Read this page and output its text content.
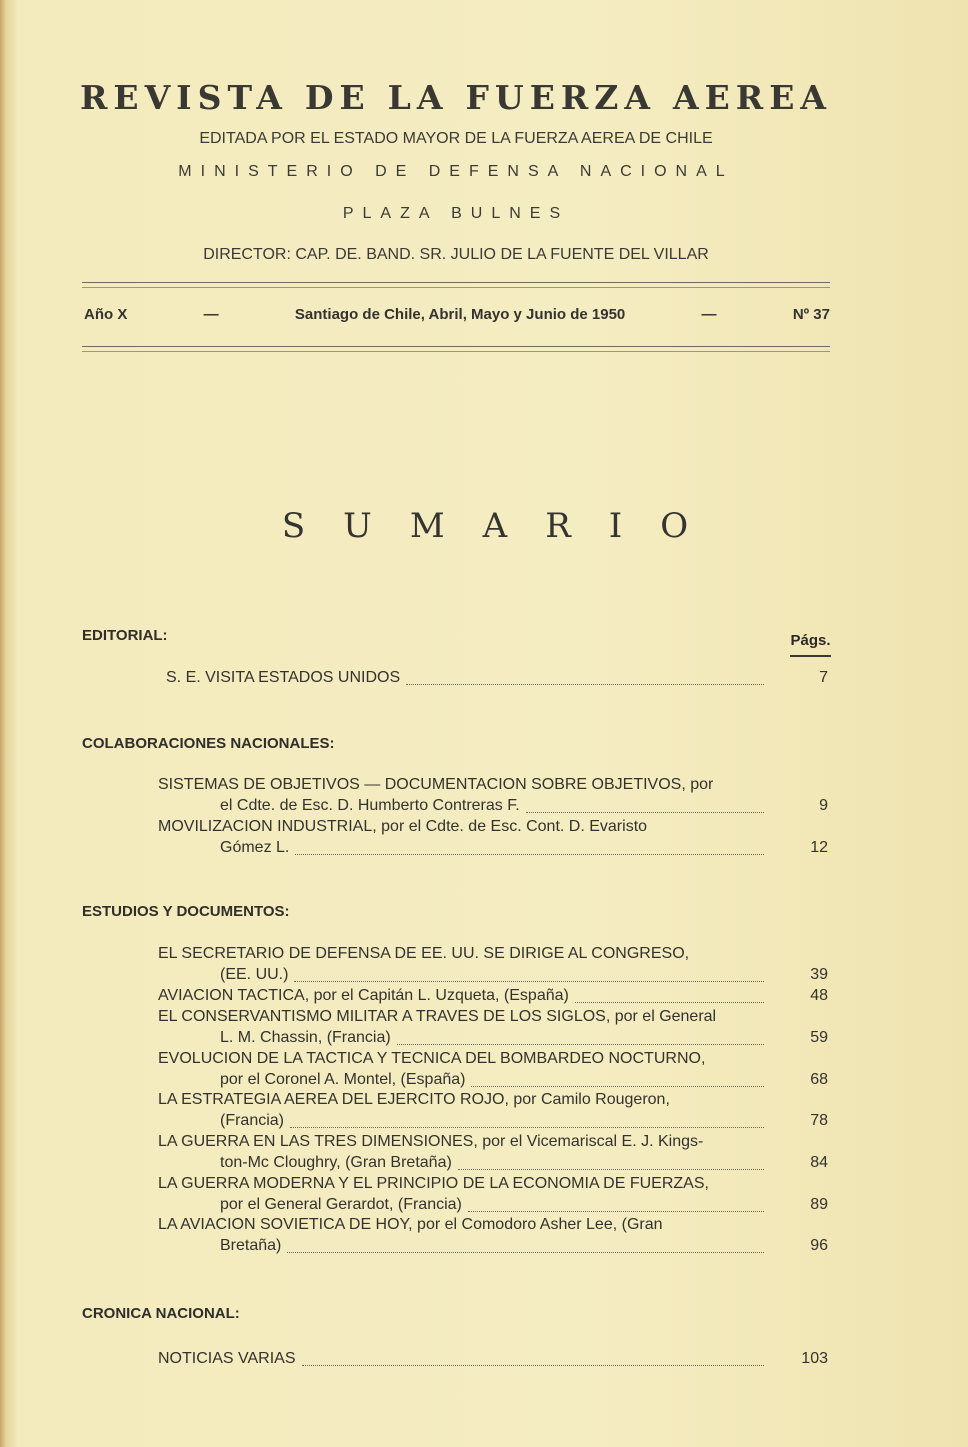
REVISTA DE LA FUERZA AEREA
EDITADA POR EL ESTADO MAYOR DE LA FUERZA AEREA DE CHILE
MINISTERIO DE DEFENSA NACIONAL
PLAZA BULNES
DIRECTOR: CAP. DE. BAND. SR. JULIO DE LA FUENTE DEL VILLAR
Año X	—	Santiago de Chile, Abril, Mayo y Junio de 1950	—	Nº 37
SUMARIO
EDITORIAL:	Págs.
S. E. VISITA ESTADOS UNIDOS	7
COLABORACIONES NACIONALES:
SISTEMAS DE OBJETIVOS — DOCUMENTACION SOBRE OBJETIVOS, por
el Cdte. de Esc. D. Humberto Contreras F.	9
MOVILIZACION INDUSTRIAL, por el Cdte. de Esc. Cont. D. Evaristo
Gómez L.	12
ESTUDIOS Y DOCUMENTOS:
EL SECRETARIO DE DEFENSA DE EE. UU. SE DIRIGE AL CONGRESO,
(EE. UU.)	39
AVIACION TACTICA, por el Capitán L. Uzqueta, (España)	48
EL CONSERVANTISMO MILITAR A TRAVES DE LOS SIGLOS, por el General
L. M. Chassin, (Francia)	59
EVOLUCION DE LA TACTICA Y TECNICA DEL BOMBARDEO NOCTURNO,
por el Coronel A. Montel, (España)	68
LA ESTRATEGIA AEREA DEL EJERCITO ROJO, por Camilo Rougeron,
(Francia)	78
LA GUERRA EN LAS TRES DIMENSIONES, por el Vicemariscal E. J. Kings-
ton-Mc Cloughry, (Gran Bretaña)	84
LA GUERRA MODERNA Y EL PRINCIPIO DE LA ECONOMIA DE FUERZAS,
por el General Gerardot, (Francia)	89
LA AVIACION SOVIETICA DE HOY, por el Comodoro Asher Lee, (Gran
Bretaña)	96
CRONICA NACIONAL:
NOTICIAS VARIAS	103
